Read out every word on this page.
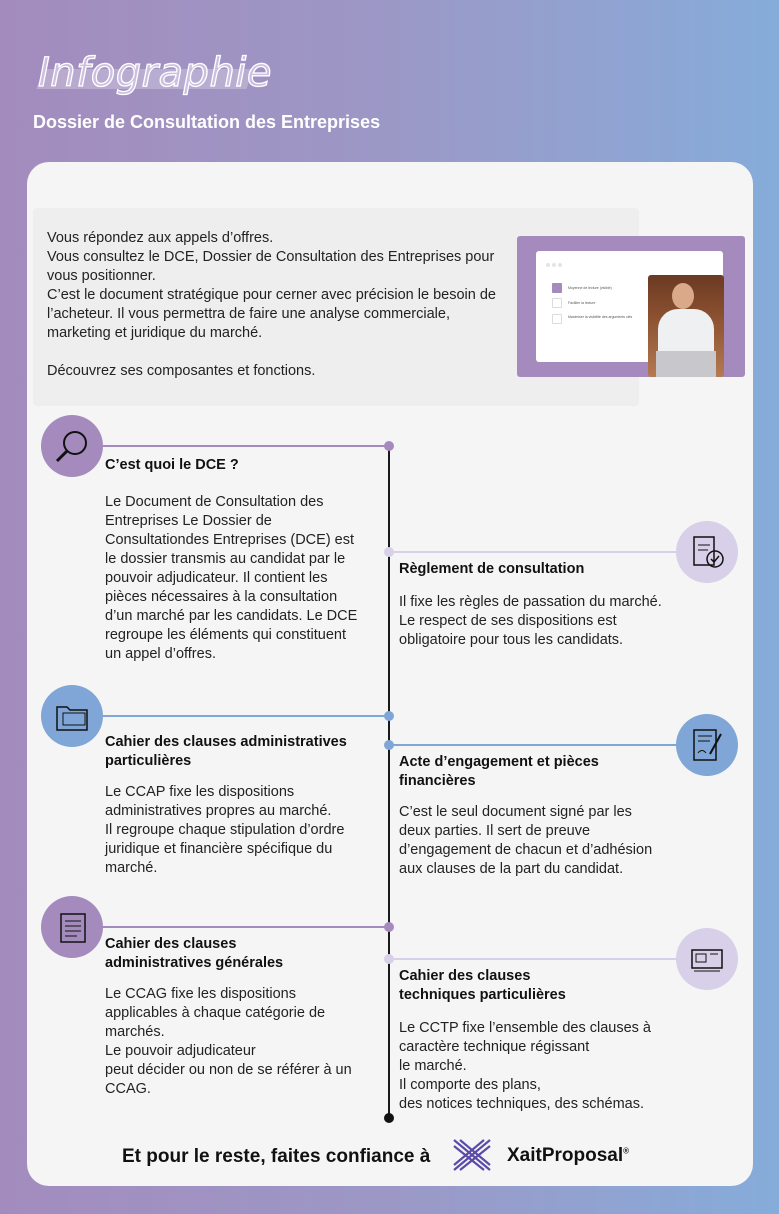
Infographie
Dossier de Consultation des Entreprises
Vous répondez aux appels d’offres.
Vous consultez le DCE, Dossier de Consultation des Entreprises pour vous positionner.
C’est le document stratégique pour cerner avec précision le besoin de l’acheteur. Il vous permettra de faire une analyse commerciale, marketing et juridique du marché.
Découvrez ses composantes et fonctions.
Moyenne de lecture (visible)
Faciliter la lecture
Maximiser la visibilité des arguments clés
C’est quoi le DCE ?
Le Document de Consultation des
Entreprises Le Dossier de
Consultationdes Entreprises (DCE) est
le dossier transmis au candidat par le
pouvoir adjudicateur. Il contient les
pièces nécessaires à la consultation
d’un marché par les candidats. Le DCE
regroupe les éléments qui constituent
un appel d’offres.
Règlement de consultation
Il fixe les règles de passation du marché.
Le respect de ses dispositions est
obligatoire pour tous les candidats.
Cahier des clauses administratives
particulières
Le CCAP fixe les dispositions
administratives propres au marché.
Il regroupe chaque stipulation d’ordre
juridique et financière spécifique du
marché.
Acte d’engagement et pièces
financières
C’est le seul document signé par les
deux parties. Il sert de preuve
d’engagement de chacun et d’adhésion
aux clauses de la part du candidat.
Cahier des clauses
administratives générales
Le CCAG fixe les dispositions
applicables à chaque catégorie de
marchés.
Le pouvoir adjudicateur
peut décider ou non de se référer à un
CCAG.
Cahier des clauses
techniques particulières
Le CCTP fixe l’ensemble des clauses à
caractère technique régissant
le marché.
Il comporte des plans,
des notices techniques, des schémas.
Et pour le reste, faites confiance à	XaitProposal®
